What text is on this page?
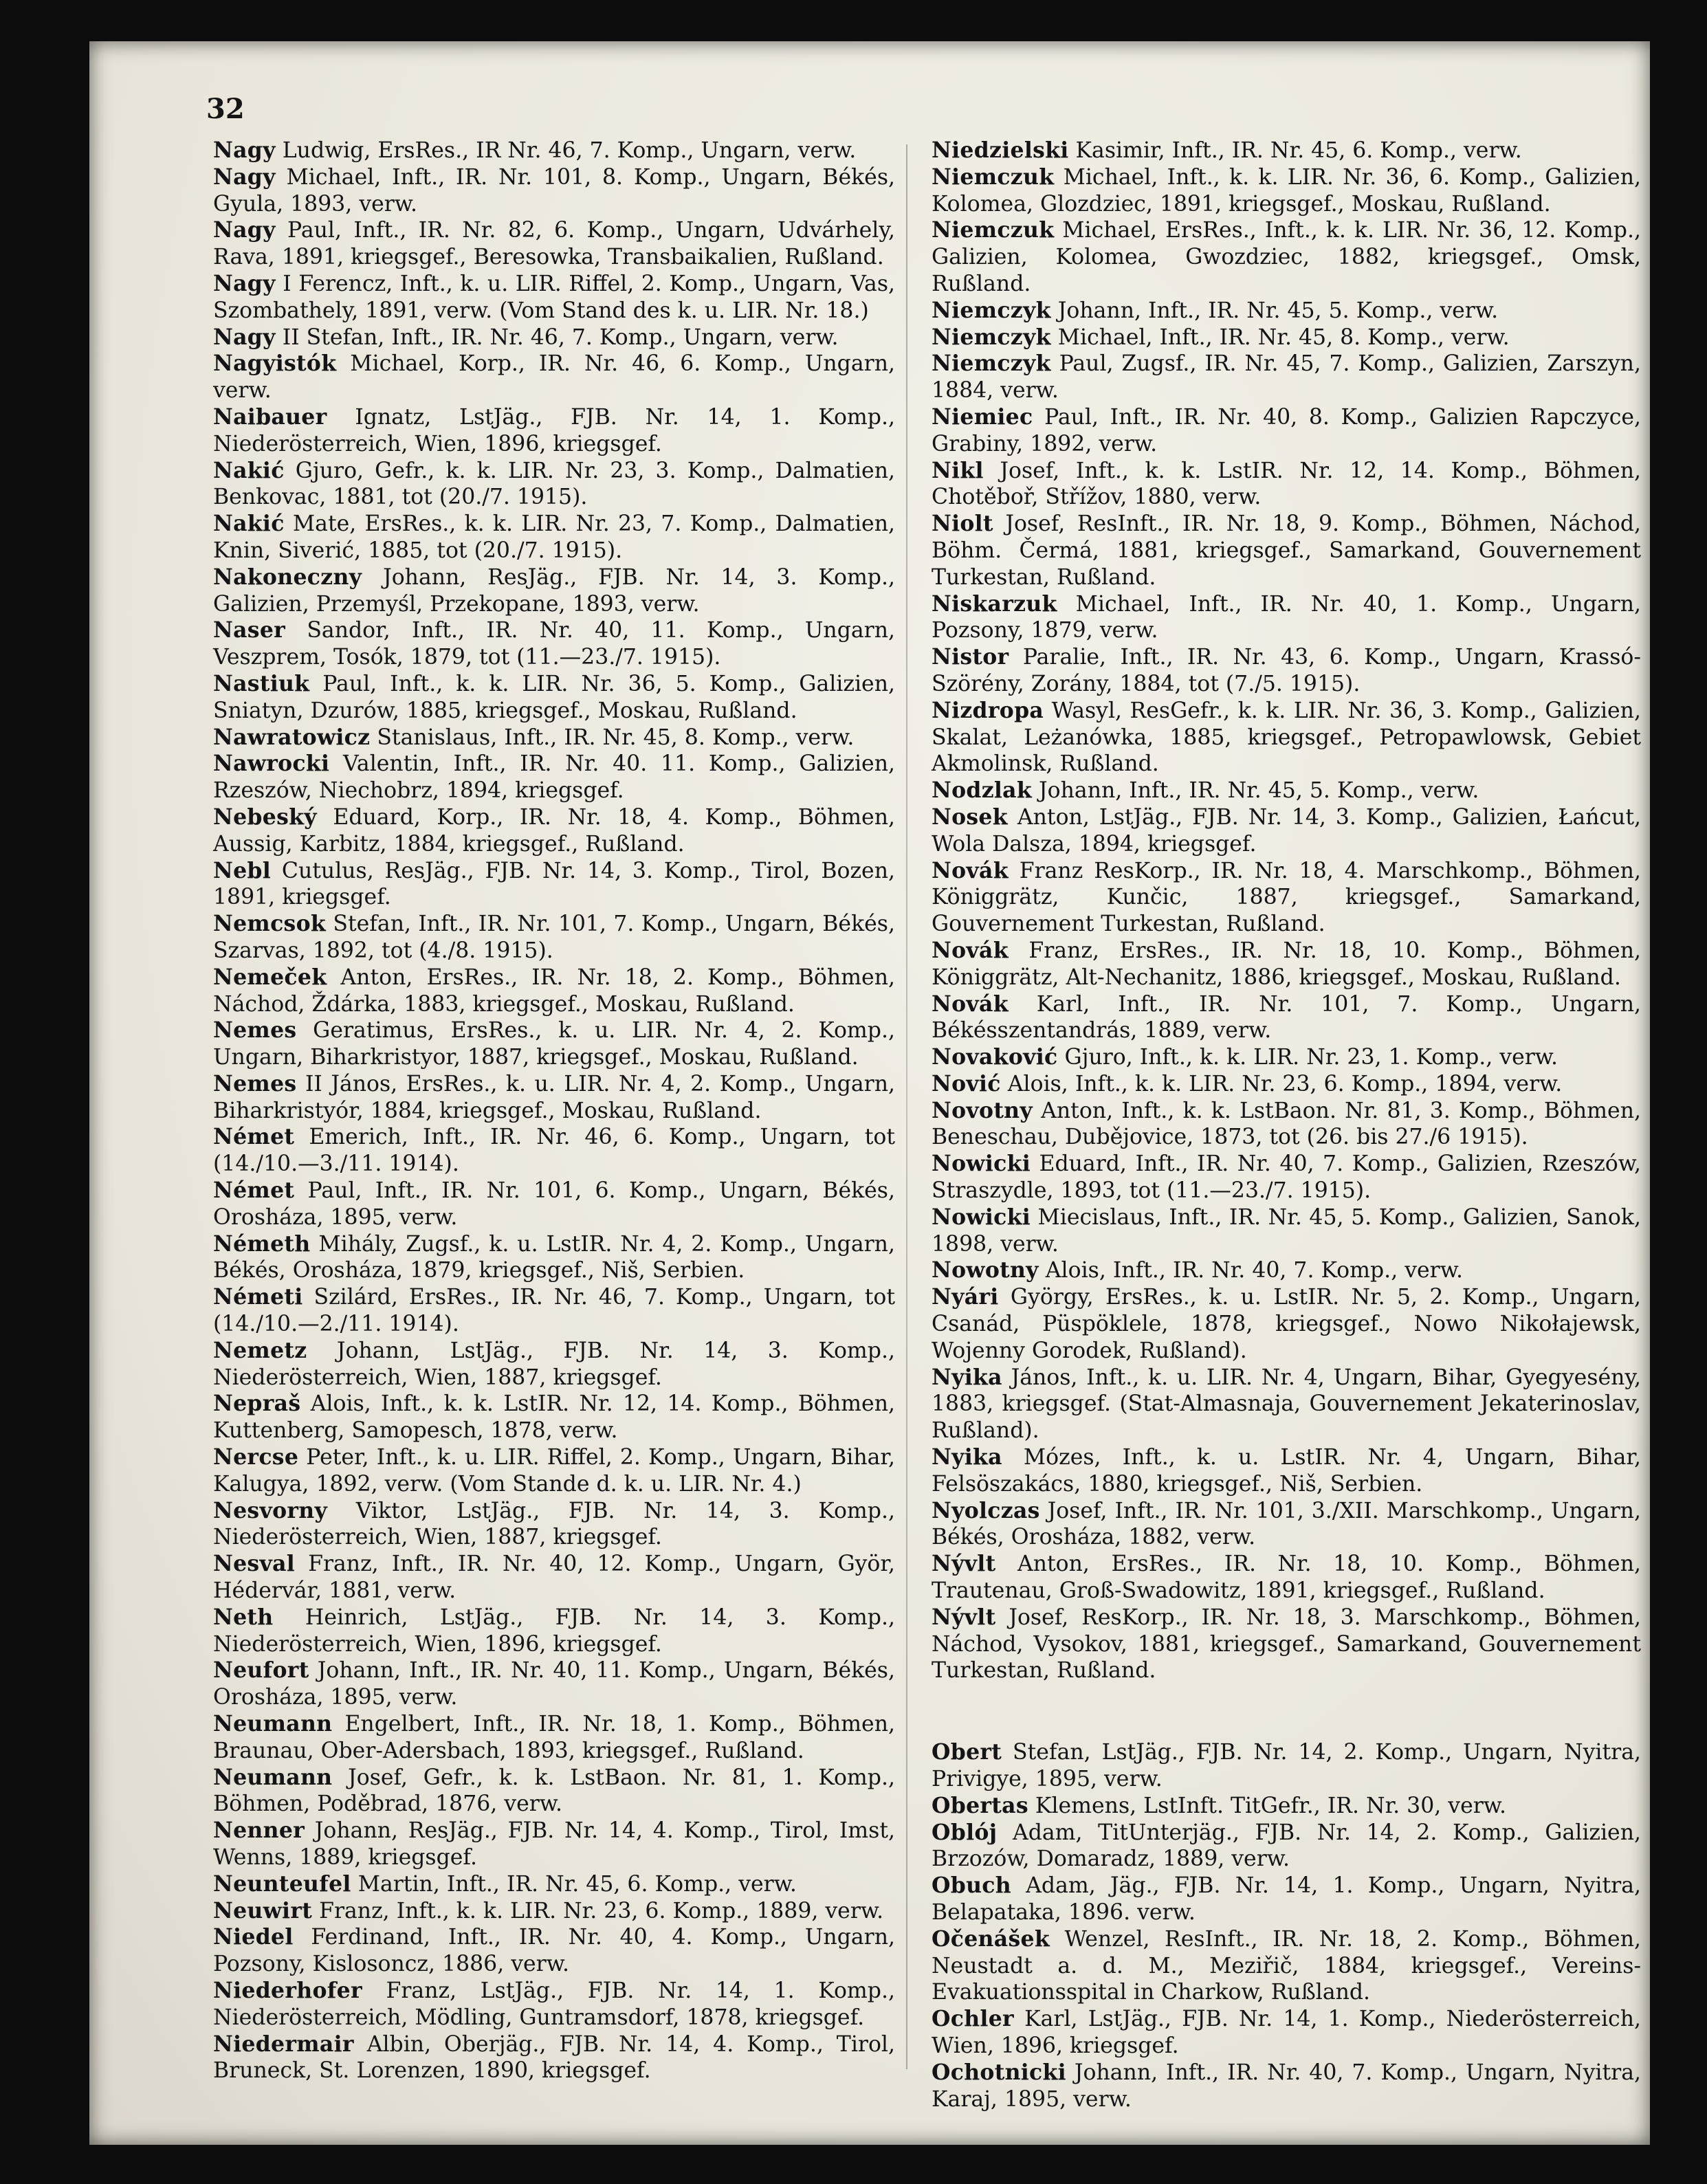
32

Nagy Ludwig, ErsRes., IR Nr. 46, 7. Komp., Ungarn, verw.

Nagy Michael, Inft., IR. Nr. 101, 8. Komp., Ungarn, Békés, Gyula, 1893, verw.

Nagy Paul, Inft., IR. Nr. 82, 6. Komp., Ungarn, Udvárhely, Rava, 1891, kriegsgef., Beresowka, Transbaikalien, Rußland.

Nagy I Ferencz, Inft., k. u. LIR. Riffel, 2. Komp., Ungarn, Vas, Szombathely, 1891, verw. (Vom Stand des k. u. LIR. Nr. 18.)

Nagy II Stefan, Inft., IR. Nr. 46, 7. Komp., Ungarn, verw.

Nagyistók Michael, Korp., IR. Nr. 46, 6. Komp., Ungarn, verw.

Naibauer Ignatz, LstJäg., FJB. Nr. 14, 1. Komp., Niederösterreich, Wien, 1896, kriegsgef.

Nakić Gjuro, Gefr., k. k. LIR. Nr. 23, 3. Komp., Dalmatien, Benkovac, 1881, tot (20./7. 1915).

Nakić Mate, ErsRes., k. k. LIR. Nr. 23, 7. Komp., Dalmatien, Knin, Siverić, 1885, tot (20./7. 1915).

Nakoneczny Johann, ResJäg., FJB. Nr. 14, 3. Komp., Galizien, Przemyśl, Przekopane, 1893, verw.

Naser Sandor, Inft., IR. Nr. 40, 11. Komp., Ungarn, Veszprem, Tosók, 1879, tot (11.—23./7. 1915).

Nastiuk Paul, Inft., k. k. LIR. Nr. 36, 5. Komp., Galizien, Sniatyn, Dzurów, 1885, kriegsgef., Moskau, Rußland.

Nawratowicz Stanislaus, Inft., IR. Nr. 45, 8. Komp., verw.

Nawrocki Valentin, Inft., IR. Nr. 40. 11. Komp., Galizien, Rzeszów, Niechobrz, 1894, kriegsgef.

Nebeský Eduard, Korp., IR. Nr. 18, 4. Komp., Böhmen, Aussig, Karbitz, 1884, kriegsgef., Rußland.

Nebl Cutulus, ResJäg., FJB. Nr. 14, 3. Komp., Tirol, Bozen, 1891, kriegsgef.

Nemcsok Stefan, Inft., IR. Nr. 101, 7. Komp., Ungarn, Békés, Szarvas, 1892, tot (4./8. 1915).

Nemeček Anton, ErsRes., IR. Nr. 18, 2. Komp., Böhmen, Náchod, Ždárka, 1883, kriegsgef., Moskau, Rußland.

Nemes Geratimus, ErsRes., k. u. LIR. Nr. 4, 2. Komp., Ungarn, Biharkristyor, 1887, kriegsgef., Moskau, Rußland.

Nemes II János, ErsRes., k. u. LIR. Nr. 4, 2. Komp., Ungarn, Biharkristyór, 1884, kriegsgef., Moskau, Rußland.

Német Emerich, Inft., IR. Nr. 46, 6. Komp., Ungarn, tot (14./10.—3./11. 1914).

Német Paul, Inft., IR. Nr. 101, 6. Komp., Ungarn, Békés, Orosháza, 1895, verw.

Németh Mihály, Zugsf., k. u. LstIR. Nr. 4, 2. Komp., Ungarn, Békés, Orosháza, 1879, kriegsgef., Niš, Serbien.

Németi Szilárd, ErsRes., IR. Nr. 46, 7. Komp., Ungarn, tot (14./10.—2./11. 1914).

Nemetz Johann, LstJäg., FJB. Nr. 14, 3. Komp., Niederösterreich, Wien, 1887, kriegsgef.

Nepraš Alois, Inft., k. k. LstIR. Nr. 12, 14. Komp., Böhmen, Kuttenberg, Samopesch, 1878, verw.

Nercse Peter, Inft., k. u. LIR. Riffel, 2. Komp., Ungarn, Bihar, Kalugya, 1892, verw. (Vom Stande d. k. u. LIR. Nr. 4.)

Nesvorny Viktor, LstJäg., FJB. Nr. 14, 3. Komp., Niederösterreich, Wien, 1887, kriegsgef.

Nesval Franz, Inft., IR. Nr. 40, 12. Komp., Ungarn, Györ, Hédervár, 1881, verw.

Neth Heinrich, LstJäg., FJB. Nr. 14, 3. Komp., Niederösterreich, Wien, 1896, kriegsgef.

Neufort Johann, Inft., IR. Nr. 40, 11. Komp., Ungarn, Békés, Orosháza, 1895, verw.

Neumann Engelbert, Inft., IR. Nr. 18, 1. Komp., Böhmen, Braunau, Ober-Adersbach, 1893, kriegsgef., Rußland.

Neumann Josef, Gefr., k. k. LstBaon. Nr. 81, 1. Komp., Böhmen, Poděbrad, 1876, verw.

Nenner Johann, ResJäg., FJB. Nr. 14, 4. Komp., Tirol, Imst, Wenns, 1889, kriegsgef.

Neunteufel Martin, Inft., IR. Nr. 45, 6. Komp., verw.

Neuwirt Franz, Inft., k. k. LIR. Nr. 23, 6. Komp., 1889, verw.

Niedel Ferdinand, Inft., IR. Nr. 40, 4. Komp., Ungarn, Pozsony, Kislosoncz, 1886, verw.

Niederhofer Franz, LstJäg., FJB. Nr. 14, 1. Komp., Niederösterreich, Mödling, Guntramsdorf, 1878, kriegsgef.

Niedermair Albin, Oberjäg., FJB. Nr. 14, 4. Komp., Tirol, Bruneck, St. Lorenzen, 1890, kriegsgef.

Niedzielski Kasimir, Inft., IR. Nr. 45, 6. Komp., verw.

Niemczuk Michael, Inft., k. k. LIR. Nr. 36, 6. Komp., Galizien, Kolomea, Glozdziec, 1891, kriegsgef., Moskau, Rußland.

Niemczuk Michael, ErsRes., Inft., k. k. LIR. Nr. 36, 12. Komp., Galizien, Kolomea, Gwozdziec, 1882, kriegsgef., Omsk, Rußland.

Niemczyk Johann, Inft., IR. Nr. 45, 5. Komp., verw.

Niemczyk Michael, Inft., IR. Nr. 45, 8. Komp., verw.

Niemczyk Paul, Zugsf., IR. Nr. 45, 7. Komp., Galizien, Zarszyn, 1884, verw.

Niemiec Paul, Inft., IR. Nr. 40, 8. Komp., Galizien Rapczyce, Grabiny, 1892, verw.

Nikl Josef, Inft., k. k. LstIR. Nr. 12, 14. Komp., Böhmen, Chotěboř, Střížov, 1880, verw.

Niolt Josef, ResInft., IR. Nr. 18, 9. Komp., Böhmen, Náchod, Böhm. Čermá, 1881, kriegsgef., Samarkand, Gouvernement Turkestan, Rußland.

Niskarzuk Michael, Inft., IR. Nr. 40, 1. Komp., Ungarn, Pozsony, 1879, verw.

Nistor Paralie, Inft., IR. Nr. 43, 6. Komp., Ungarn, Krassó-Szörény, Zorány, 1884, tot (7./5. 1915).

Nizdropa Wasyl, ResGefr., k. k. LIR. Nr. 36, 3. Komp., Galizien, Skalat, Leżanówka, 1885, kriegsgef., Petropawlowsk, Gebiet Akmolinsk, Rußland.

Nodzlak Johann, Inft., IR. Nr. 45, 5. Komp., verw.

Nosek Anton, LstJäg., FJB. Nr. 14, 3. Komp., Galizien, Łańcut, Wola Dalsza, 1894, kriegsgef.

Novák Franz ResKorp., IR. Nr. 18, 4. Marschkomp., Böhmen, Königgrätz, Kunčic, 1887, kriegsgef., Samarkand, Gouvernement Turkestan, Rußland.

Novák Franz, ErsRes., IR. Nr. 18, 10. Komp., Böhmen, Königgrätz, Alt-Nechanitz, 1886, kriegsgef., Moskau, Rußland.

Novák Karl, Inft., IR. Nr. 101, 7. Komp., Ungarn, Békésszentandrás, 1889, verw.

Novaković Gjuro, Inft., k. k. LIR. Nr. 23, 1. Komp., verw.

Nović Alois, Inft., k. k. LIR. Nr. 23, 6. Komp., 1894, verw.

Novotny Anton, Inft., k. k. LstBaon. Nr. 81, 3. Komp., Böhmen, Beneschau, Dubějovice, 1873, tot (26. bis 27./6 1915).

Nowicki Eduard, Inft., IR. Nr. 40, 7. Komp., Galizien, Rzeszów, Straszydle, 1893, tot (11.—23./7. 1915).

Nowicki Miecislaus, Inft., IR. Nr. 45, 5. Komp., Galizien, Sanok, 1898, verw.

Nowotny Alois, Inft., IR. Nr. 40, 7. Komp., verw.

Nyári György, ErsRes., k. u. LstIR. Nr. 5, 2. Komp., Ungarn, Csanád, Püspöklele, 1878, kriegsgef., Nowo Nikołajewsk, Wojenny Gorodek, Rußland).

Nyika János, Inft., k. u. LIR. Nr. 4, Ungarn, Bihar, Gyegyesény, 1883, kriegsgef. (Stat-Almasnaja, Gouvernement Jekaterinoslav, Rußland).

Nyika Mózes, Inft., k. u. LstIR. Nr. 4, Ungarn, Bihar, Felsöszakács, 1880, kriegsgef., Niš, Serbien.

Nyolczas Josef, Inft., IR. Nr. 101, 3./XII. Marschkomp., Ungarn, Békés, Orosháza, 1882, verw.

Nývlt Anton, ErsRes., IR. Nr. 18, 10. Komp., Böhmen, Trautenau, Groß-Swadowitz, 1891, kriegsgef., Rußland.

Nývlt Josef, ResKorp., IR. Nr. 18, 3. Marschkomp., Böhmen, Náchod, Vysokov, 1881, kriegsgef., Samarkand, Gouvernement Turkestan, Rußland.

Obert Stefan, LstJäg., FJB. Nr. 14, 2. Komp., Ungarn, Nyitra, Privigye, 1895, verw.

Obertas Klemens, LstInft. TitGefr., IR. Nr. 30, verw.

Oblój Adam, TitUnterjäg., FJB. Nr. 14, 2. Komp., Galizien, Brzozów, Domaradz, 1889, verw.

Obuch Adam, Jäg., FJB. Nr. 14, 1. Komp., Ungarn, Nyitra, Belapataka, 1896. verw.

Očenášek Wenzel, ResInft., IR. Nr. 18, 2. Komp., Böhmen, Neustadt a. d. M., Meziřič, 1884, kriegsgef., Vereins-Evakuationsspital in Charkow, Rußland.

Ochler Karl, LstJäg., FJB. Nr. 14, 1. Komp., Niederösterreich, Wien, 1896, kriegsgef.

Ochotnicki Johann, Inft., IR. Nr. 40, 7. Komp., Ungarn, Nyitra, Karaj, 1895, verw.
